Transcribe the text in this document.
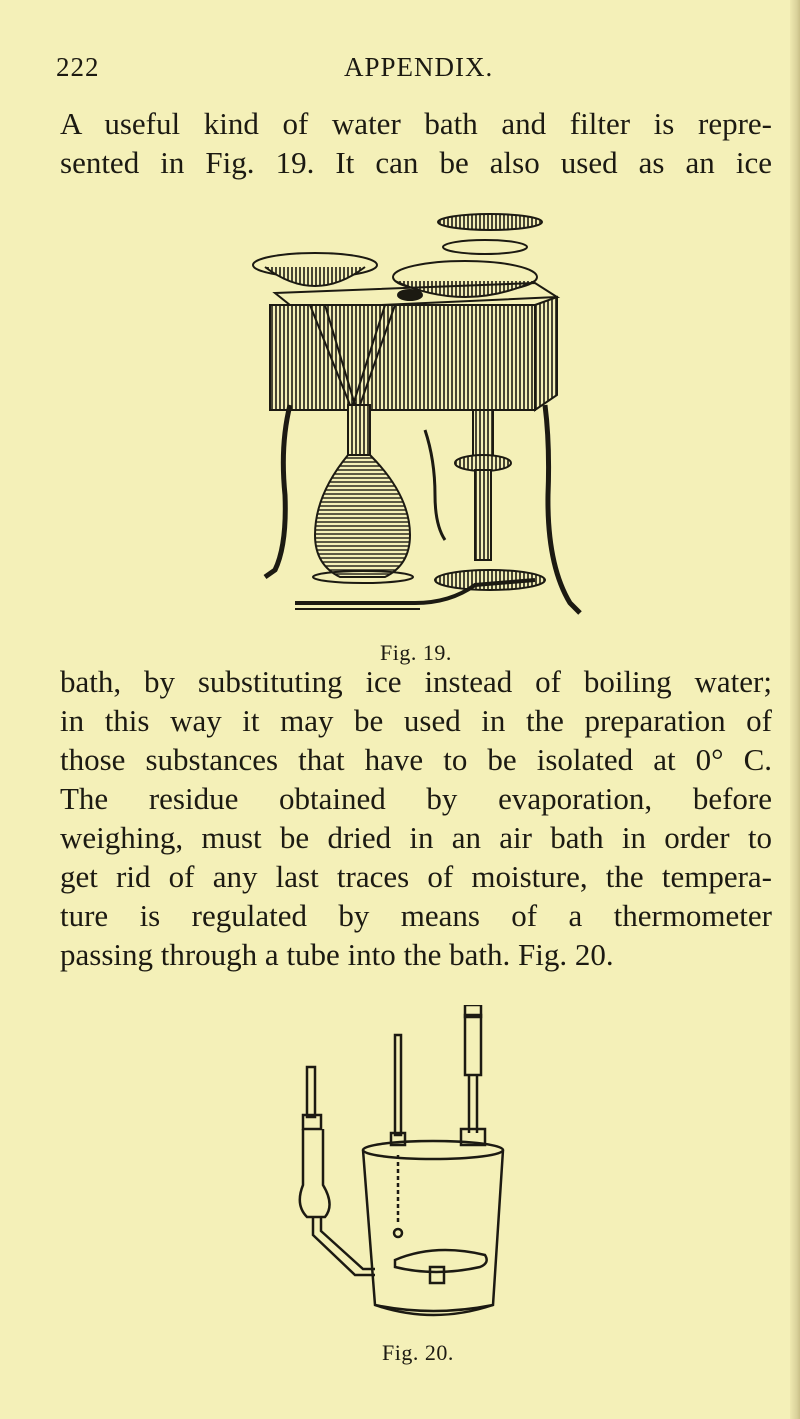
222	APPENDIX.
A useful kind of water bath and filter is repre-
sented in Fig. 19. It can be also used as an ice
Fig. 19.
bath, by substituting ice instead of boiling water;
in this way it may be used in the preparation of
those substances that have to be isolated at 0° C.
The residue obtained by evaporation, before
weighing, must be dried in an air bath in order to
get rid of any last traces of moisture, the tempera-
ture is regulated by means of a thermometer
passing through a tube into the bath. Fig. 20.
Fig. 20.
